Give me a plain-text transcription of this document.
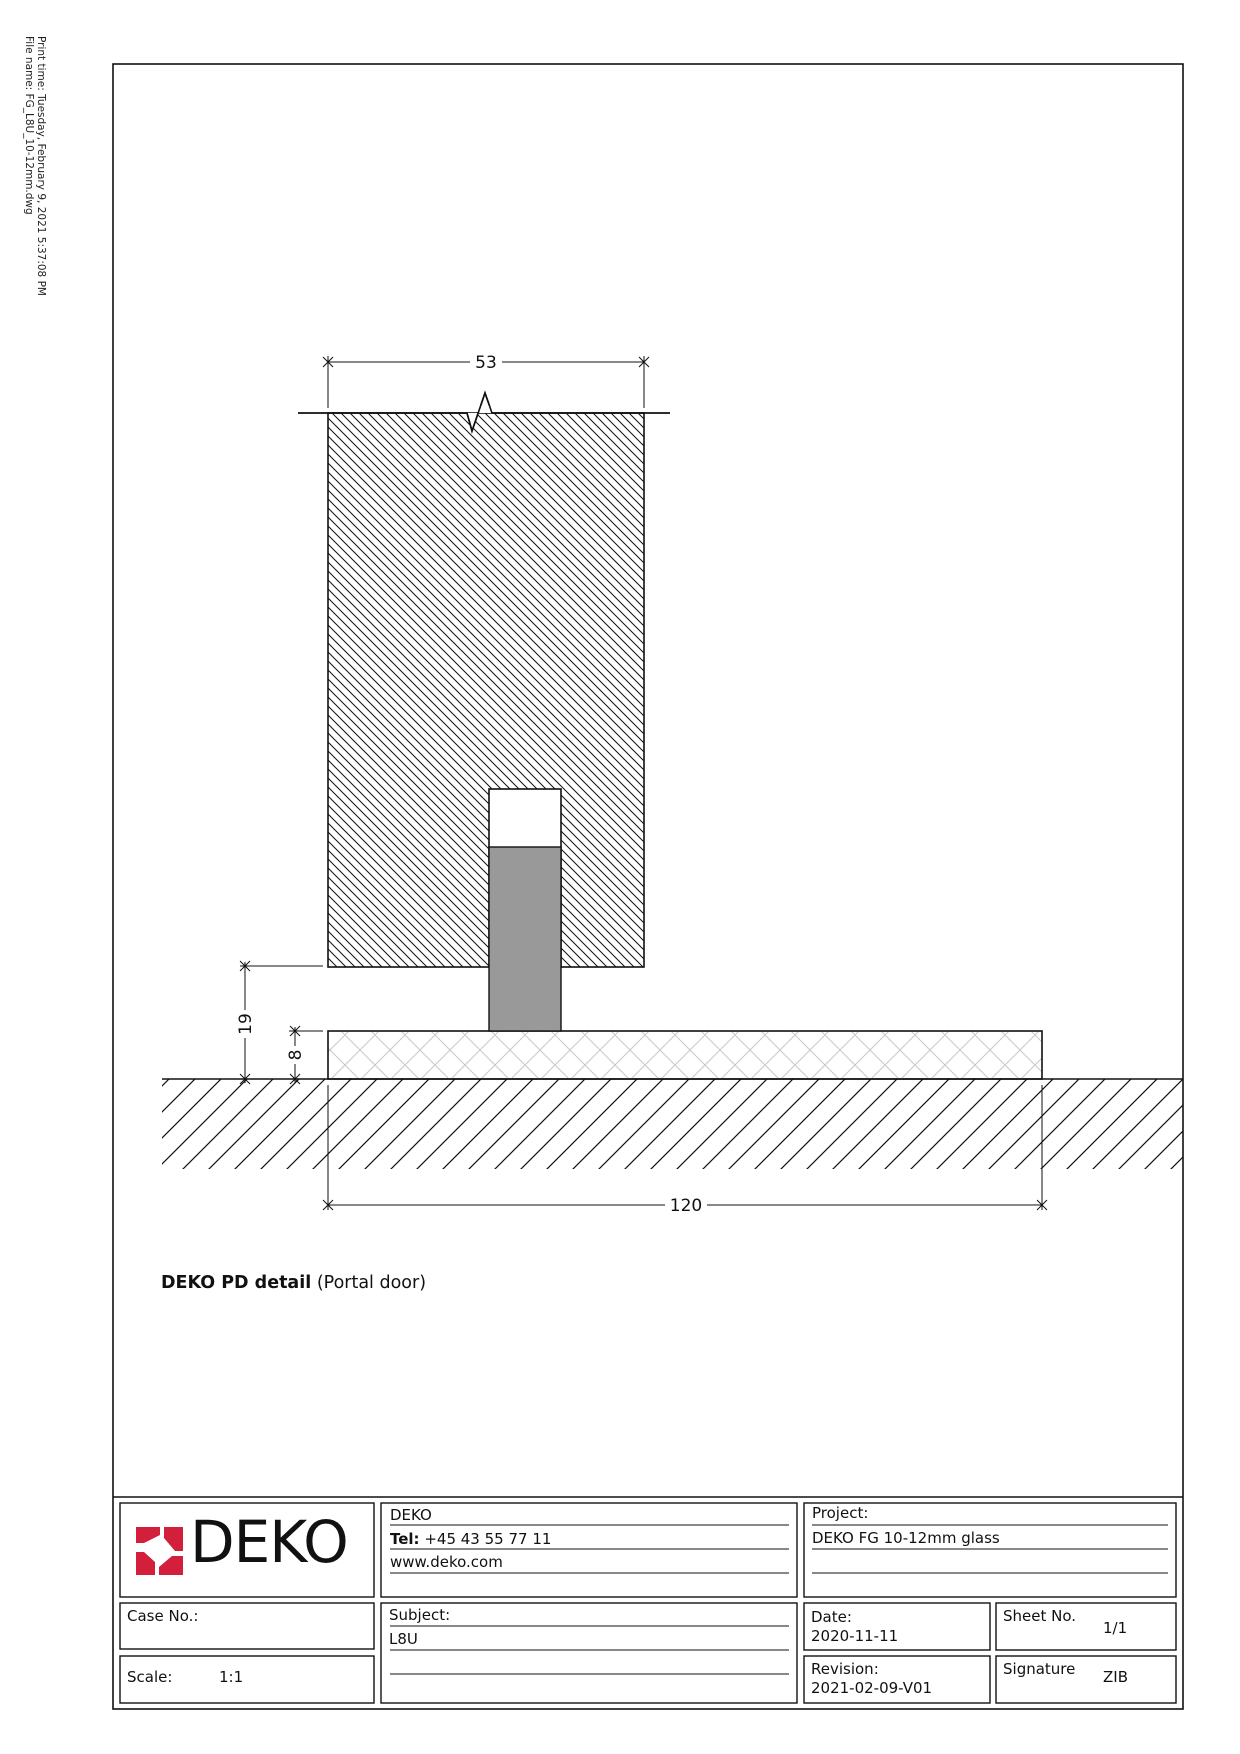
Print time: Tuesday, February 9, 2021 5:37:08 PM
File name: FG_L8U_10-12mm.dwg
53
120
19
8
DEKO
DEKO PD detail (Portal door)
DEKO
Tel: +45 43 55 77 11
www.deko.com
Project:
DEKO FG 10-12mm glass
Case No.:	Subject:
L8U
Date:
2020-11-11
Sheet No.
1/1
Scale:	1:1	Revision:
2021-02-09-V01
Signature ZIB
